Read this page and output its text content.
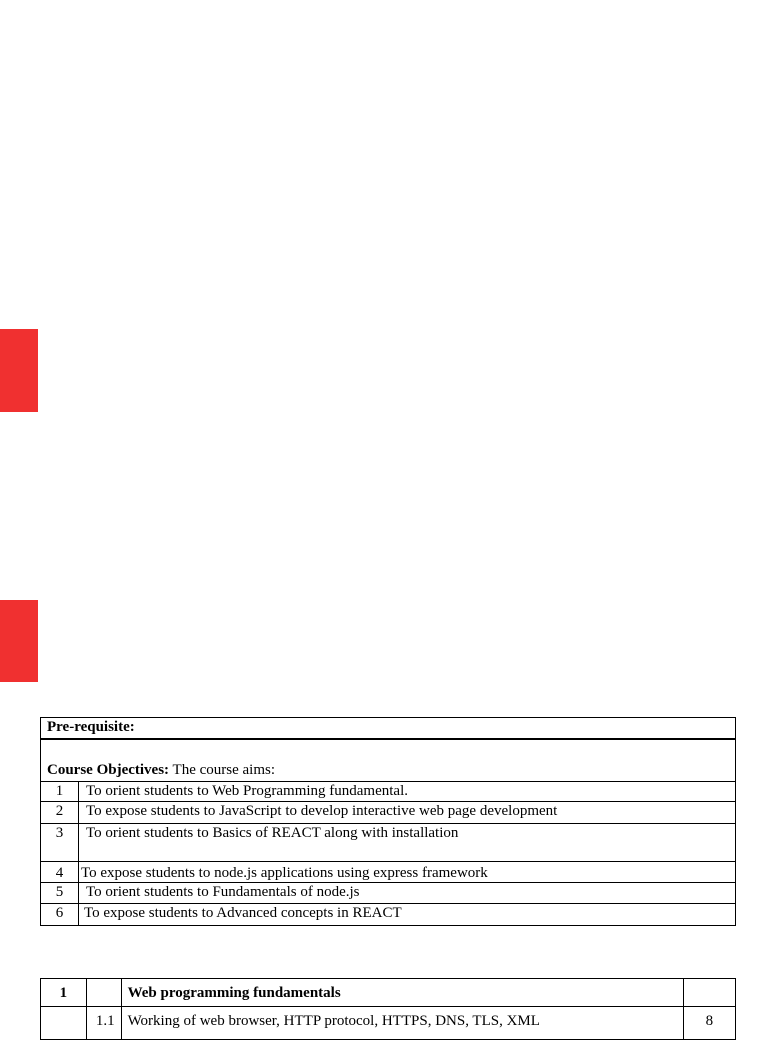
Pre-requisite:	
Course Objectives: The course aims:	
1	To orient students to Web Programming fundamental.
2	To expose students to JavaScript to develop interactive web page development
3	To orient students to Basics of REACT along with installation
4	To expose students to node.js applications using express framework
5	To orient students to Fundamentals of node.js
6	To expose students to Advanced concepts in REACT
1		Web programming fundamentals	
	1.1	Working of web browser, HTTP protocol, HTTPS, DNS, TLS, XML	8
